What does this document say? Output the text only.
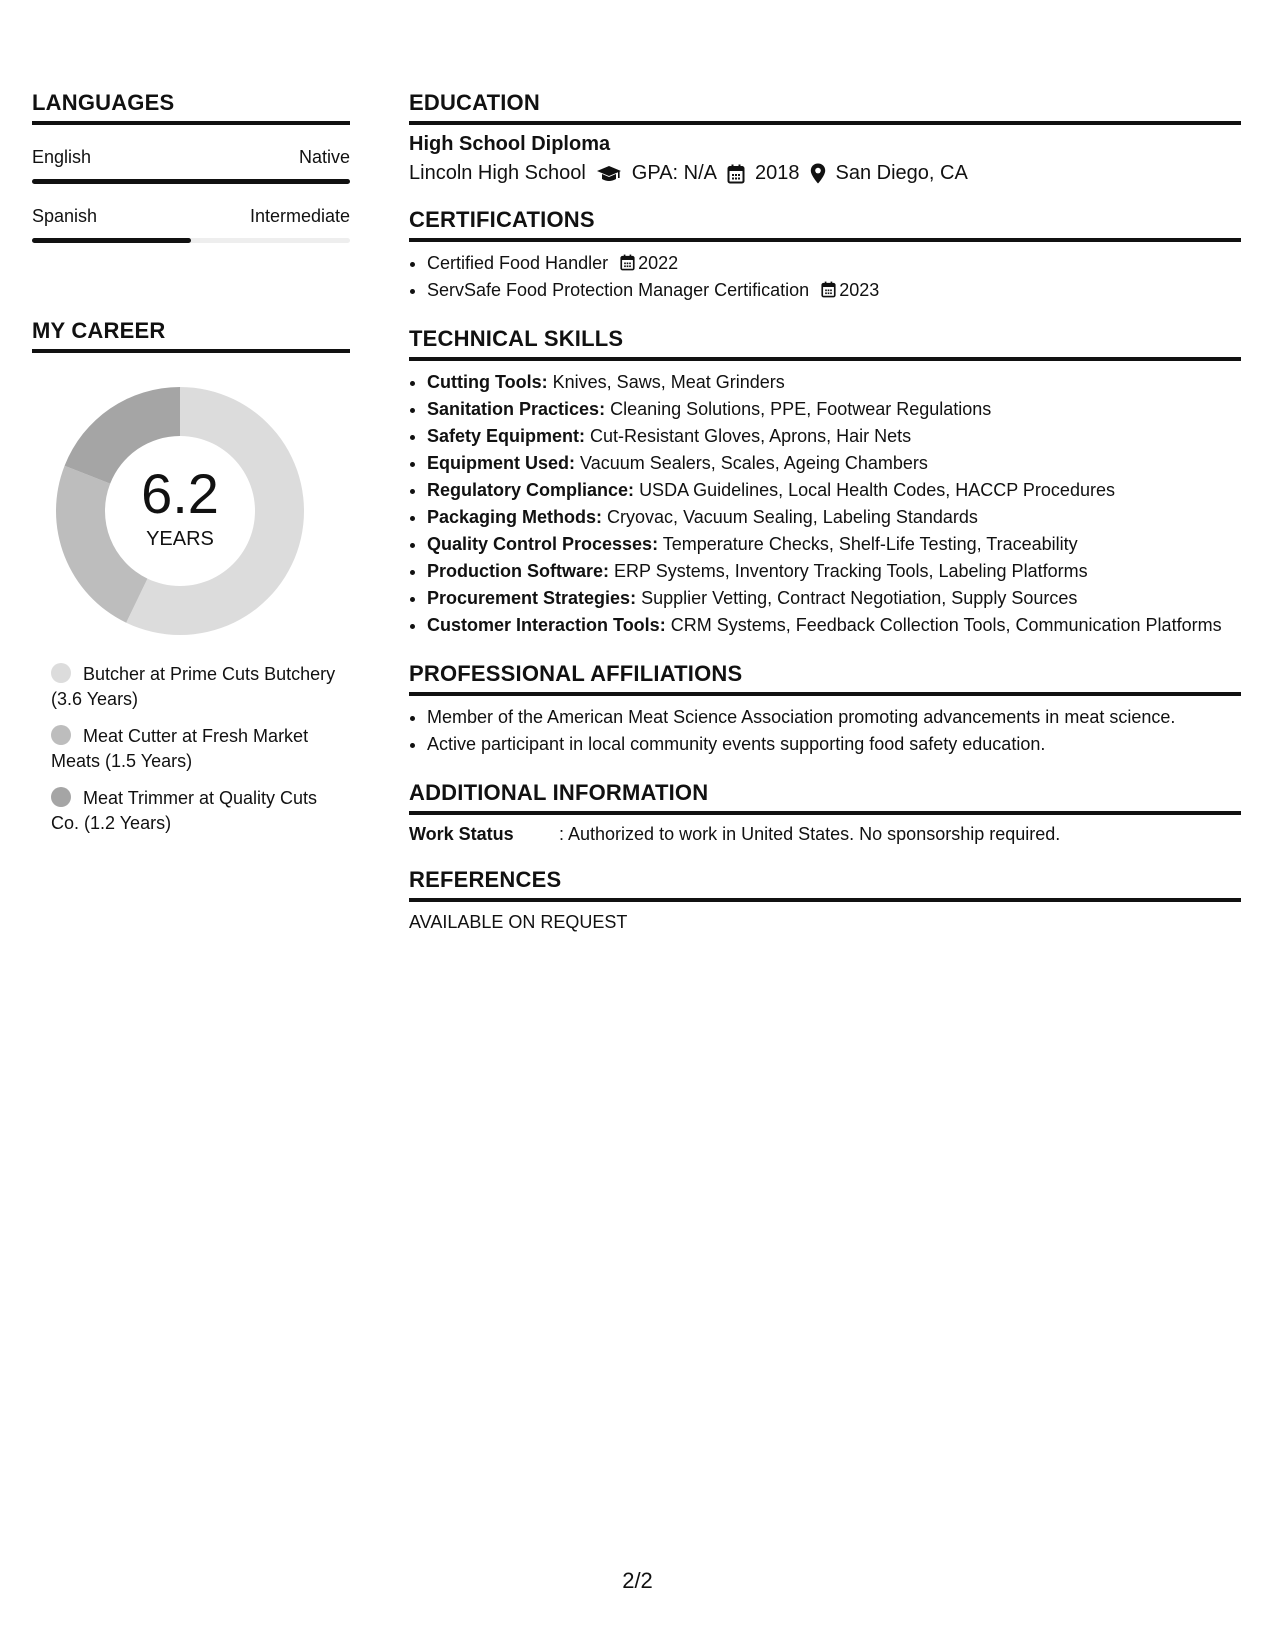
LANGUAGES
English	Native
Spanish	Intermediate
MY CAREER
6.2
YEARS
Butcher at Prime Cuts Butchery (3.6 Years)
Meat Cutter at Fresh Market Meats (1.5 Years)
Meat Trimmer at Quality Cuts Co. (1.2 Years)
EDUCATION
High School Diploma
Lincoln High School GPA: N/A 2018 San Diego, CA
CERTIFICATIONS
• Certified Food Handler 2022
• ServSafe Food Protection Manager Certification 2023
TECHNICAL SKILLS
• Cutting Tools: Knives, Saws, Meat Grinders
• Sanitation Practices: Cleaning Solutions, PPE, Footwear Regulations
• Safety Equipment: Cut-Resistant Gloves, Aprons, Hair Nets
• Equipment Used: Vacuum Sealers, Scales, Ageing Chambers
• Regulatory Compliance: USDA Guidelines, Local Health Codes, HACCP Procedures
• Packaging Methods: Cryovac, Vacuum Sealing, Labeling Standards
• Quality Control Processes: Temperature Checks, Shelf-Life Testing, Traceability
• Production Software: ERP Systems, Inventory Tracking Tools, Labeling Platforms
• Procurement Strategies: Supplier Vetting, Contract Negotiation, Supply Sources
• Customer Interaction Tools: CRM Systems, Feedback Collection Tools, Communication Platforms
PROFESSIONAL AFFILIATIONS
• Member of the American Meat Science Association promoting advancements in meat science.
• Active participant in local community events supporting food safety education.
ADDITIONAL INFORMATION
Work Status	: Authorized to work in United States. No sponsorship required.
REFERENCES
AVAILABLE ON REQUEST
2/2
